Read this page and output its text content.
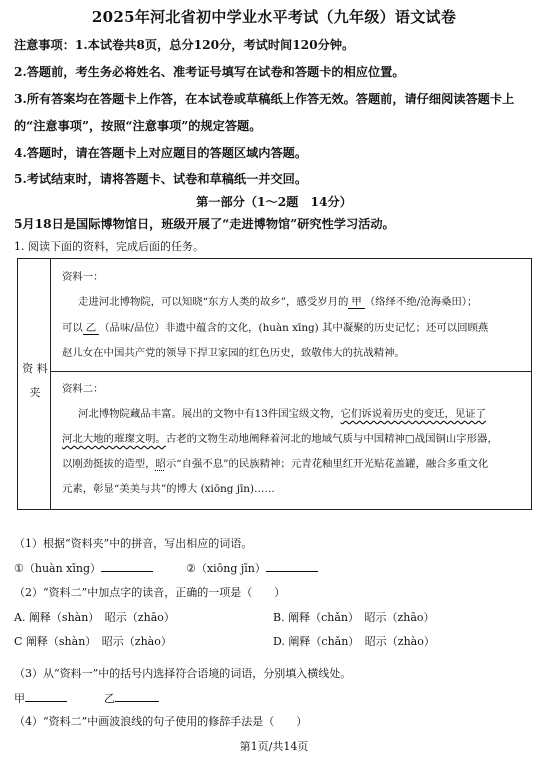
2025年河北省初中学业水平考试（九年级）语文试卷
注意事项：1.本试卷共8页，总分120分，考试时间120分钟。
2.答题前，考生务必将姓名、准考证号填写在试卷和答题卡的相应位置。
3.所有答案均在答题卡上作答，在本试卷或草稿纸上作答无效。答题前，请仔细阅读答题卡上
的“注意事项”，按照“注意事项”的规定答题。
4.答题时，请在答题卡上对应题目的答题区域内答题。
5.考试结束时，请将答题卡、试卷和草稿纸一并交回。
第一部分（1～2题　14分）
5月18日是国际博物馆日，班级开展了“走进博物馆”研究性学习活动。
1. 阅读下面的资料，完成后面的任务。
资 料
夹
资料一：
走进河北博物院，可以知晓“东方人类的故乡”，感受岁月的 甲 （络绎不绝/沧海桑田）；
可以 乙 （品味/品位）非遗中蕴含的文化，(huàn xīng) 其中凝聚的历史记忆；还可以回顾燕
赵儿女在中国共产党的领导下捍卫家园的红色历史，致敬伟大的抗战精神。
资料二：
河北博物院藏品丰富。展出的文物中有13件国宝级文物，它们诉说着历史的变迁，见证了
河北大地的璀璨文明。古老的文物生动地阐释着河北的地域气质与中国精神□战国铜山字形器，
以刚劲挺拔的造型，昭示“自强不息”的民族精神；元青花釉里红开光贴花盖罐，融合多重文化
元素，彰显“美美与共”的博大 (xiōng jīn)……
（1）根据“资料夹”中的拼音，写出相应的词语。
①（huàn xīng）	②（xiōng jīn）
（2）“资料二”中加点字的读音，正确的一项是（　　）
A. 阐释（shàn）　昭示（zhāo）	B. 阐释（chǎn）　昭示（zhāo）
C 阐释（shàn）　昭示（zhào）	D. 阐释（chǎn）　昭示（zhào）
（3）从“资料一”中的括号内选择符合语境的词语，分别填入横线处。
甲	乙
（4）“资料二”中画波浪线的句子使用的修辞手法是（　　）
第1页/共14页
